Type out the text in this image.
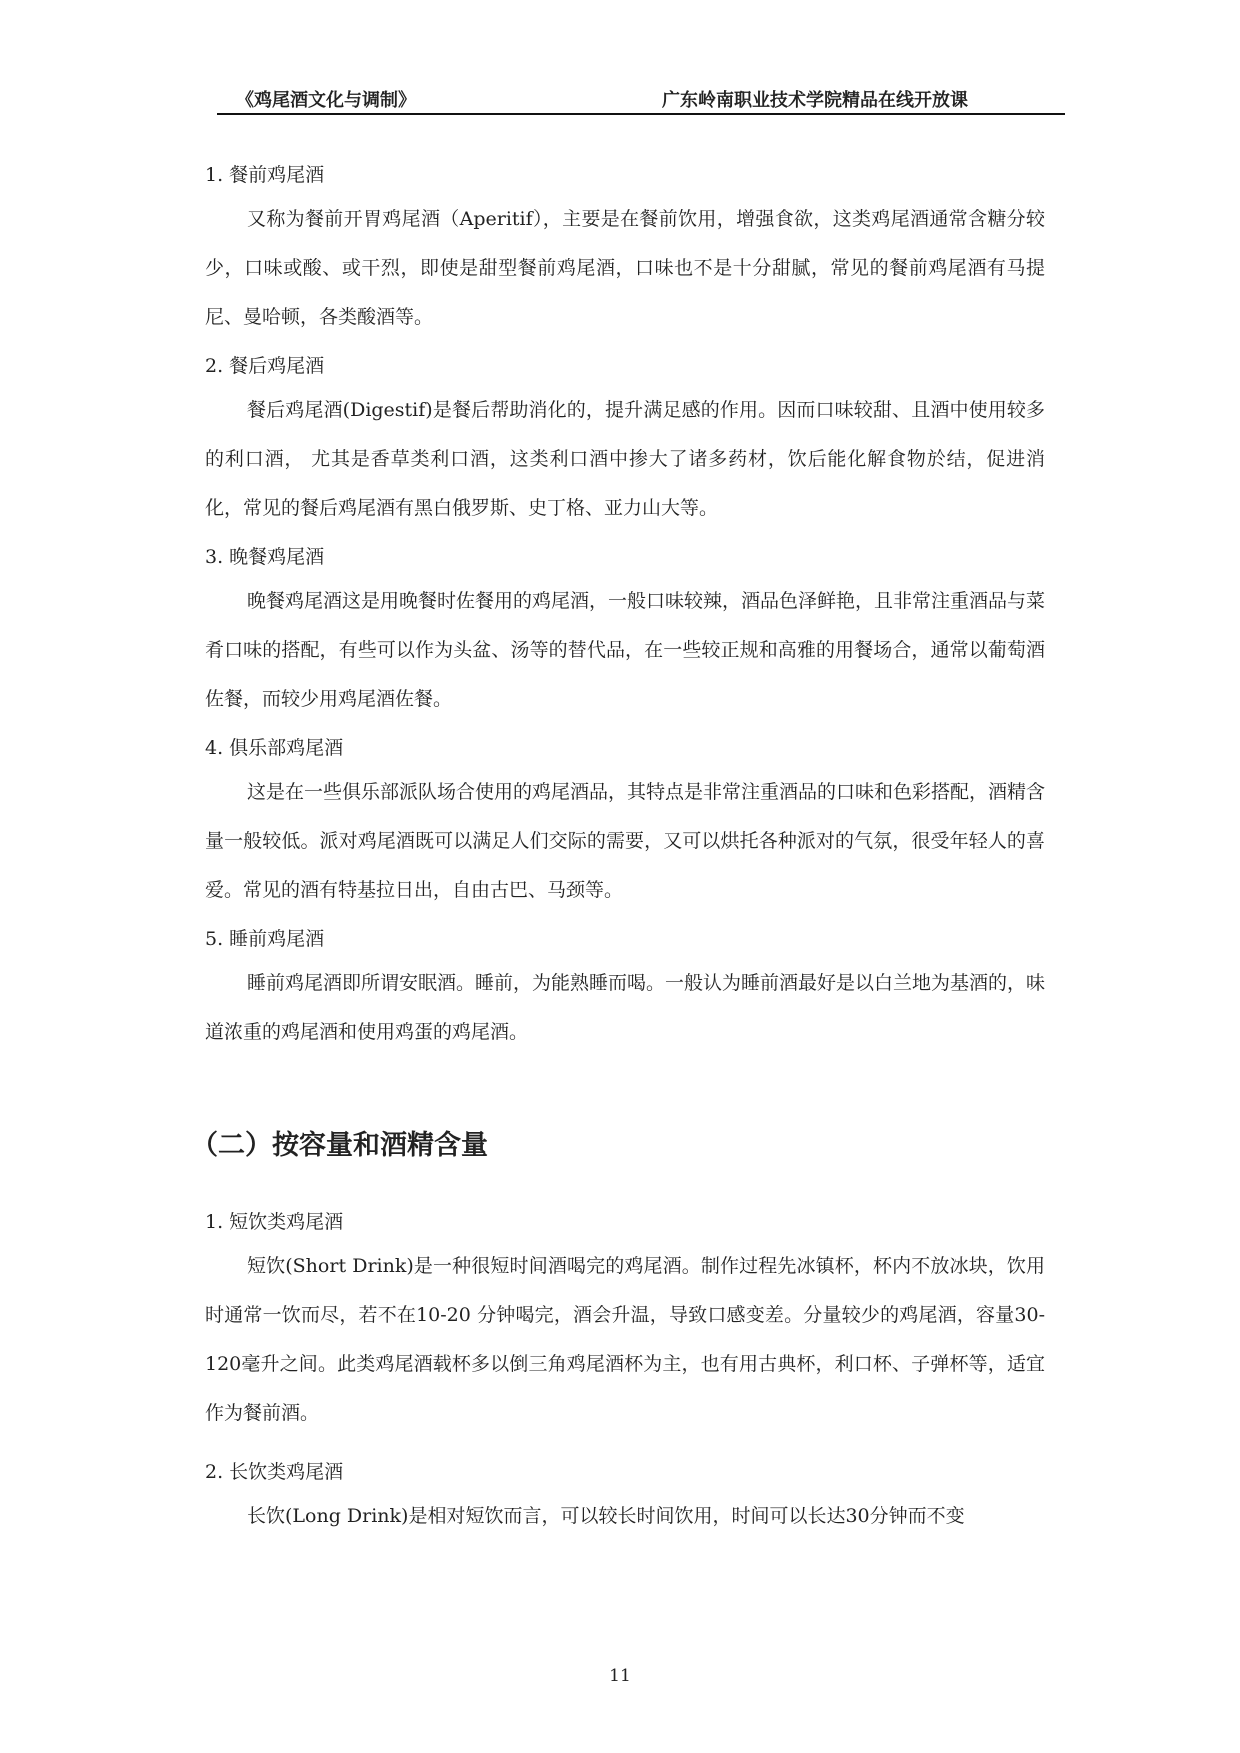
《鸡尾酒文化与调制》	广东岭南职业技术学院精品在线开放课

1. 餐前鸡尾酒

又称为餐前开胃鸡尾酒（Aperitif），主要是在餐前饮用，增强食欲，这类鸡尾酒通常含糖分较少，口味或酸、或干烈，即使是甜型餐前鸡尾酒，口味也不是十分甜腻，常见的餐前鸡尾酒有马提尼、曼哈顿，各类酸酒等。

2. 餐后鸡尾酒

餐后鸡尾酒(Digestif)是餐后帮助消化的，提升满足感的作用。因而口味较甜、且酒中使用较多的利口酒， 尤其是香草类利口酒，这类利口酒中掺大了诸多药材，饮后能化解食物於结，促进消化，常见的餐后鸡尾酒有黑白俄罗斯、史丁格、亚力山大等。

3. 晚餐鸡尾酒

晚餐鸡尾酒这是用晚餐时佐餐用的鸡尾酒，一般口味较辣，酒品色泽鲜艳，且非常注重酒品与菜肴口味的搭配，有些可以作为头盆、汤等的替代品，在一些较正规和高雅的用餐场合，通常以葡萄酒佐餐，而较少用鸡尾酒佐餐。

4. 俱乐部鸡尾酒

这是在一些俱乐部派队场合使用的鸡尾酒品，其特点是非常注重酒品的口味和色彩搭配，酒精含量一般较低。派对鸡尾酒既可以满足人们交际的需要，又可以烘托各种派对的气氛，很受年轻人的喜爱。常见的酒有特基拉日出，自由古巴、马颈等。

5. 睡前鸡尾酒

睡前鸡尾酒即所谓安眠酒。睡前，为能熟睡而喝。一般认为睡前酒最好是以白兰地为基酒的，味道浓重的鸡尾酒和使用鸡蛋的鸡尾酒。

（二）按容量和酒精含量

1. 短饮类鸡尾酒

短饮(Short Drink)是一种很短时间酒喝完的鸡尾酒。制作过程先冰镇杯，杯内不放冰块，饮用时通常一饮而尽，若不在10-20 分钟喝完，酒会升温，导致口感变差。分量较少的鸡尾酒，容量30-120毫升之间。此类鸡尾酒载杯多以倒三角鸡尾酒杯为主，也有用古典杯，利口杯、子弹杯等，适宜作为餐前酒。

2. 长饮类鸡尾酒

长饮(Long Drink)是相对短饮而言，可以较长时间饮用，时间可以长达30分钟而不变

11
